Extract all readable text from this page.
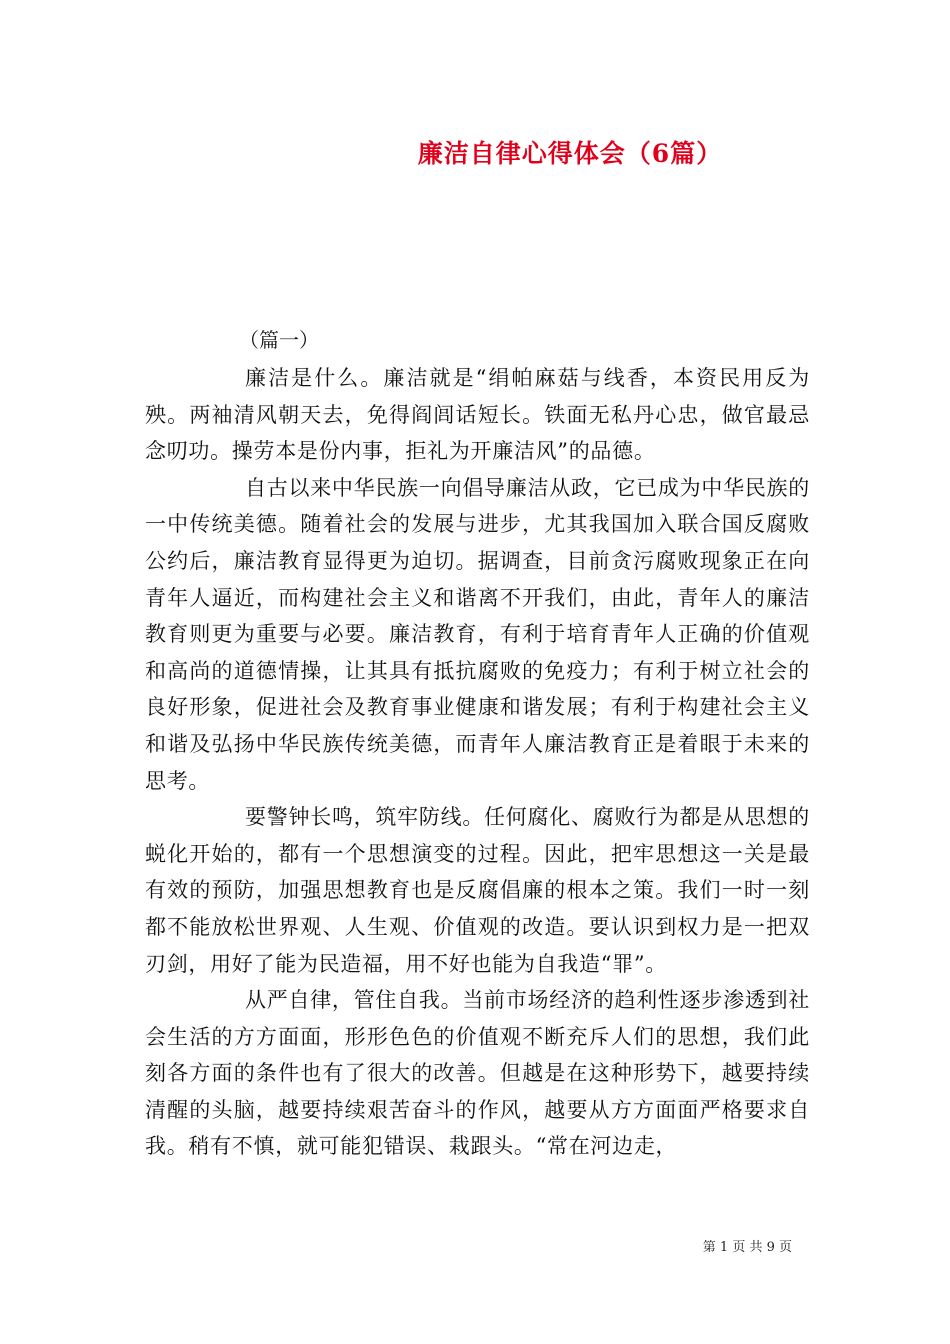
廉洁自律心得体会（6篇）

（篇一）

廉洁是什么。廉洁就是“绢帕麻菇与线香，本资民用反为殃。两袖清风朝天去，免得阎闾话短长。铁面无私丹心忠，做官最忌念叨功。操劳本是份内事，拒礼为开廉洁风”的品德。

自古以来中华民族一向倡导廉洁从政，它已成为中华民族的一中传统美德。随着社会的发展与进步，尤其我国加入联合国反腐败公约后，廉洁教育显得更为迫切。据调查，目前贪污腐败现象正在向青年人逼近，而构建社会主义和谐离不开我们，由此，青年人的廉洁教育则更为重要与必要。廉洁教育，有利于培育青年人正确的价值观和高尚的道德情操，让其具有抵抗腐败的免疫力；有利于树立社会的良好形象，促进社会及教育事业健康和谐发展；有利于构建社会主义和谐及弘扬中华民族传统美德，而青年人廉洁教育正是着眼于未来的思考。

要警钟长鸣，筑牢防线。任何腐化、腐败行为都是从思想的蜕化开始的，都有一个思想演变的过程。因此，把牢思想这一关是最有效的预防，加强思想教育也是反腐倡廉的根本之策。我们一时一刻都不能放松世界观、人生观、价值观的改造。要认识到权力是一把双刃剑，用好了能为民造福，用不好也能为自我造“罪”。

从严自律，管住自我。当前市场经济的趋利性逐步渗透到社会生活的方方面面，形形色色的价值观不断充斥人们的思想，我们此刻各方面的条件也有了很大的改善。但越是在这种形势下，越要持续清醒的头脑，越要持续艰苦奋斗的作风，越要从方方面面严格要求自我。稍有不慎，就可能犯错误、栽跟头。“常在河边走，

第 1 页 共 9 页
